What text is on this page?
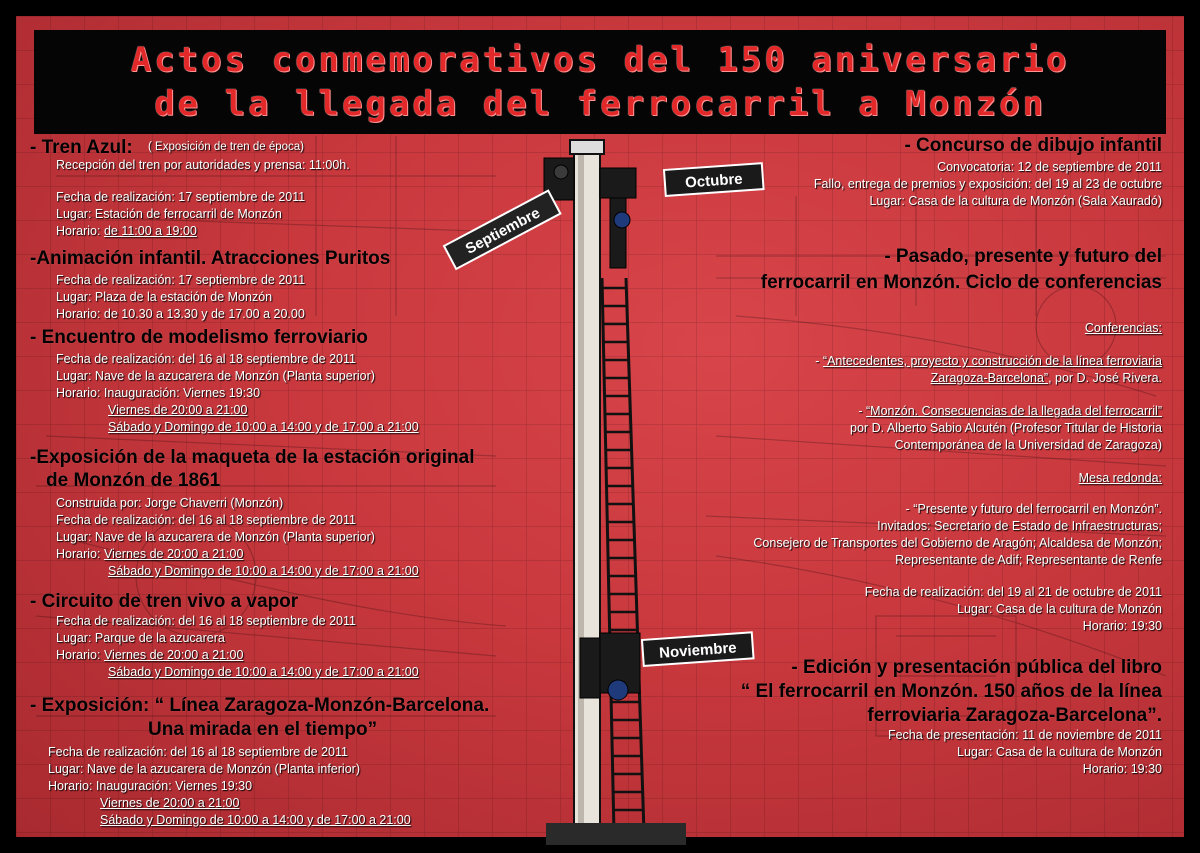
Actos conmemorativos del 150 aniversario
de la llegada del ferrocarril a Monzón
Septiembre
Octubre
Noviembre
- Tren Azul: ( Exposición de tren de época)
Recepción del tren por autoridades y prensa: 11:00h.
Fecha de realización: 17 septiembre de 2011
Lugar: Estación de ferrocarril de Monzón
Horario: de 11:00 a 19:00
-Animación infantil. Atracciones Puritos
Fecha de realización: 17 septiembre de 2011
Lugar: Plaza de la estación de Monzón
Horario: de 10.30 a 13.30 y de 17.00 a 20.00
- Encuentro de modelismo ferroviario
Fecha de realización: del 16 al 18 septiembre de 2011
Lugar: Nave de la azucarera de Monzón (Planta superior)
Horario: Inauguración: Viernes 19:30
Viernes de 20:00 a 21:00
Sábado y Domingo de 10:00 a 14:00 y de 17:00 a 21:00
-Exposición de la maqueta de la estación original
de Monzón de 1861
Construida por: Jorge Chaverri (Monzón)
Fecha de realización: del 16 al 18 septiembre de 2011
Lugar: Nave de la azucarera de Monzón (Planta superior)
Horario: Viernes de 20:00 a 21:00
Sábado y Domingo de 10:00 a 14:00 y de 17:00 a 21:00
- Circuito de tren vivo a vapor
Fecha de realización: del 16 al 18 septiembre de 2011
Lugar: Parque de la azucarera
Horario: Viernes de 20:00 a 21:00
Sábado y Domingo de 10:00 a 14:00 y de 17:00 a 21:00
- Exposición: “ Línea Zaragoza-Monzón-Barcelona.
Una mirada en el tiempo”
Fecha de realización: del 16 al 18 septiembre de 2011
Lugar: Nave de la azucarera de Monzón (Planta inferior)
Horario: Inauguración: Viernes 19:30
Viernes de 20:00 a 21:00
Sábado y Domingo de 10:00 a 14:00 y de 17:00 a 21:00
- Concurso de dibujo infantil
Convocatoria: 12 de septiembre de 2011
Fallo, entrega de premios y exposición: del 19 al 23 de octubre
Lugar: Casa de la cultura de Monzón (Sala Xauradó)
- Pasado, presente y futuro del
ferrocarril en Monzón. Ciclo de conferencias
Conferencias:
- “Antecedentes, proyecto y construcción de la línea ferroviaria
Zaragoza-Barcelona”, por D. José Rivera.
- “Monzón. Consecuencias de la llegada del ferrocarril”
por D. Alberto Sabio Alcutén (Profesor Titular de Historia
Contemporánea de la Universidad de Zaragoza)
Mesa redonda:
- “Presente y futuro del ferrocarril en Monzón”.
Invitados: Secretario de Estado de Infraestructuras;
Consejero de Transportes del Gobierno de Aragón; Alcaldesa de Monzón;
Representante de Adif; Representante de Renfe
Fecha de realización: del 19 al 21 de octubre de 2011
Lugar: Casa de la cultura de Monzón
Horario: 19:30
- Edición y presentación pública del libro
“ El ferrocarril en Monzón. 150 años de la línea
ferroviaria Zaragoza-Barcelona”.
Fecha de presentación: 11 de noviembre de 2011
Lugar: Casa de la cultura de Monzón
Horario: 19:30
